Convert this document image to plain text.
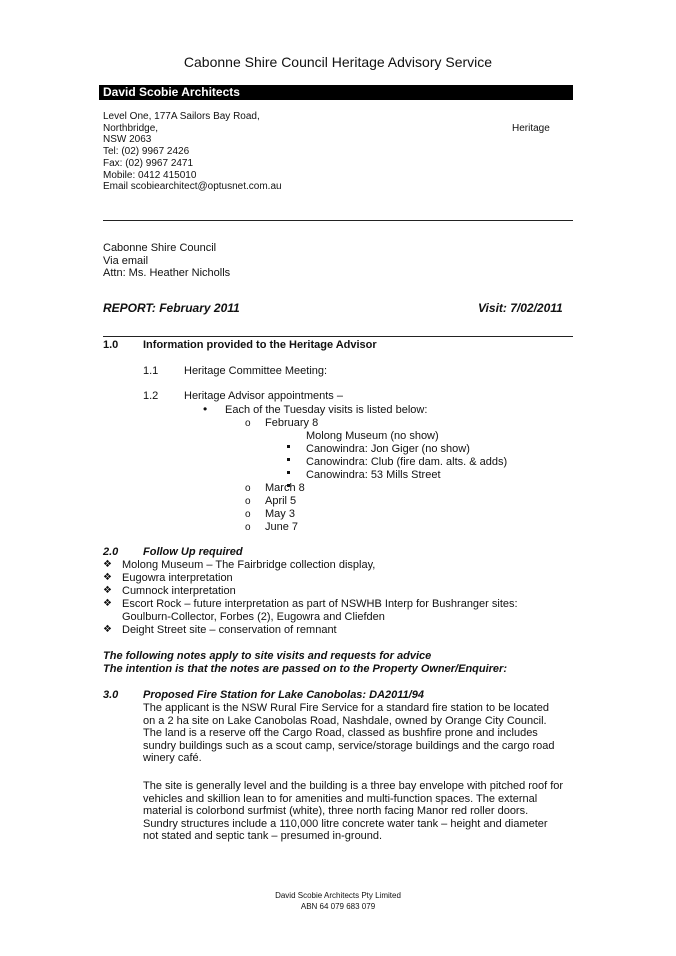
Cabonne Shire Council Heritage Advisory Service
David Scobie Architects
Level One, 177A Sailors Bay Road,
Northbridge,
NSW 2063
Tel: (02) 9967 2426
Fax: (02) 9967 2471
Mobile: 0412 415010
Email scobiearchitect@optusnet.com.au
Heritage
Cabonne Shire Council
Via email
Attn: Ms. Heather Nicholls
REPORT: February 2011	Visit: 7/02/2011
1.0 Information provided to the Heritage Advisor
1.1 Heritage Committee Meeting:
1.2 Heritage Advisor appointments –
• Each of the Tuesday visits is listed below:
o February 8
Molong Museum (no show)
Canowindra: Jon Giger (no show)
Canowindra: Club (fire dam. alts. & adds)
Canowindra: 53 Mills Street
o March 8
o April 5
o May 3
o June 7
2.0 Follow Up required
❖ Molong Museum – The Fairbridge collection display,
❖ Eugowra interpretation
❖ Cumnock interpretation
❖ Escort Rock – future interpretation as part of NSWHB Interp for Bushranger sites:
Goulburn-Collector, Forbes (2), Eugowra and Cliefden
❖ Deight Street site – conservation of remnant
The following notes apply to site visits and requests for advice
The intention is that the notes are passed on to the Property Owner/Enquirer:
3.0 Proposed Fire Station for Lake Canobolas: DA2011/94
The applicant is the NSW Rural Fire Service for a standard fire station to be located
on a 2 ha site on Lake Canobolas Road, Nashdale, owned by Orange City Council.
The land is a reserve off the Cargo Road, classed as bushfire prone and includes
sundry buildings such as a scout camp, service/storage buildings and the cargo road
winery café.
The site is generally level and the building is a three bay envelope with pitched roof for
vehicles and skillion lean to for amenities and multi-function spaces. The external
material is colorbond surfmist (white), three north facing Manor red roller doors.
Sundry structures include a 110,000 litre concrete water tank – height and diameter
not stated and septic tank – presumed in-ground.
David Scobie Architects Pty Limited
ABN 64 079 683 079
